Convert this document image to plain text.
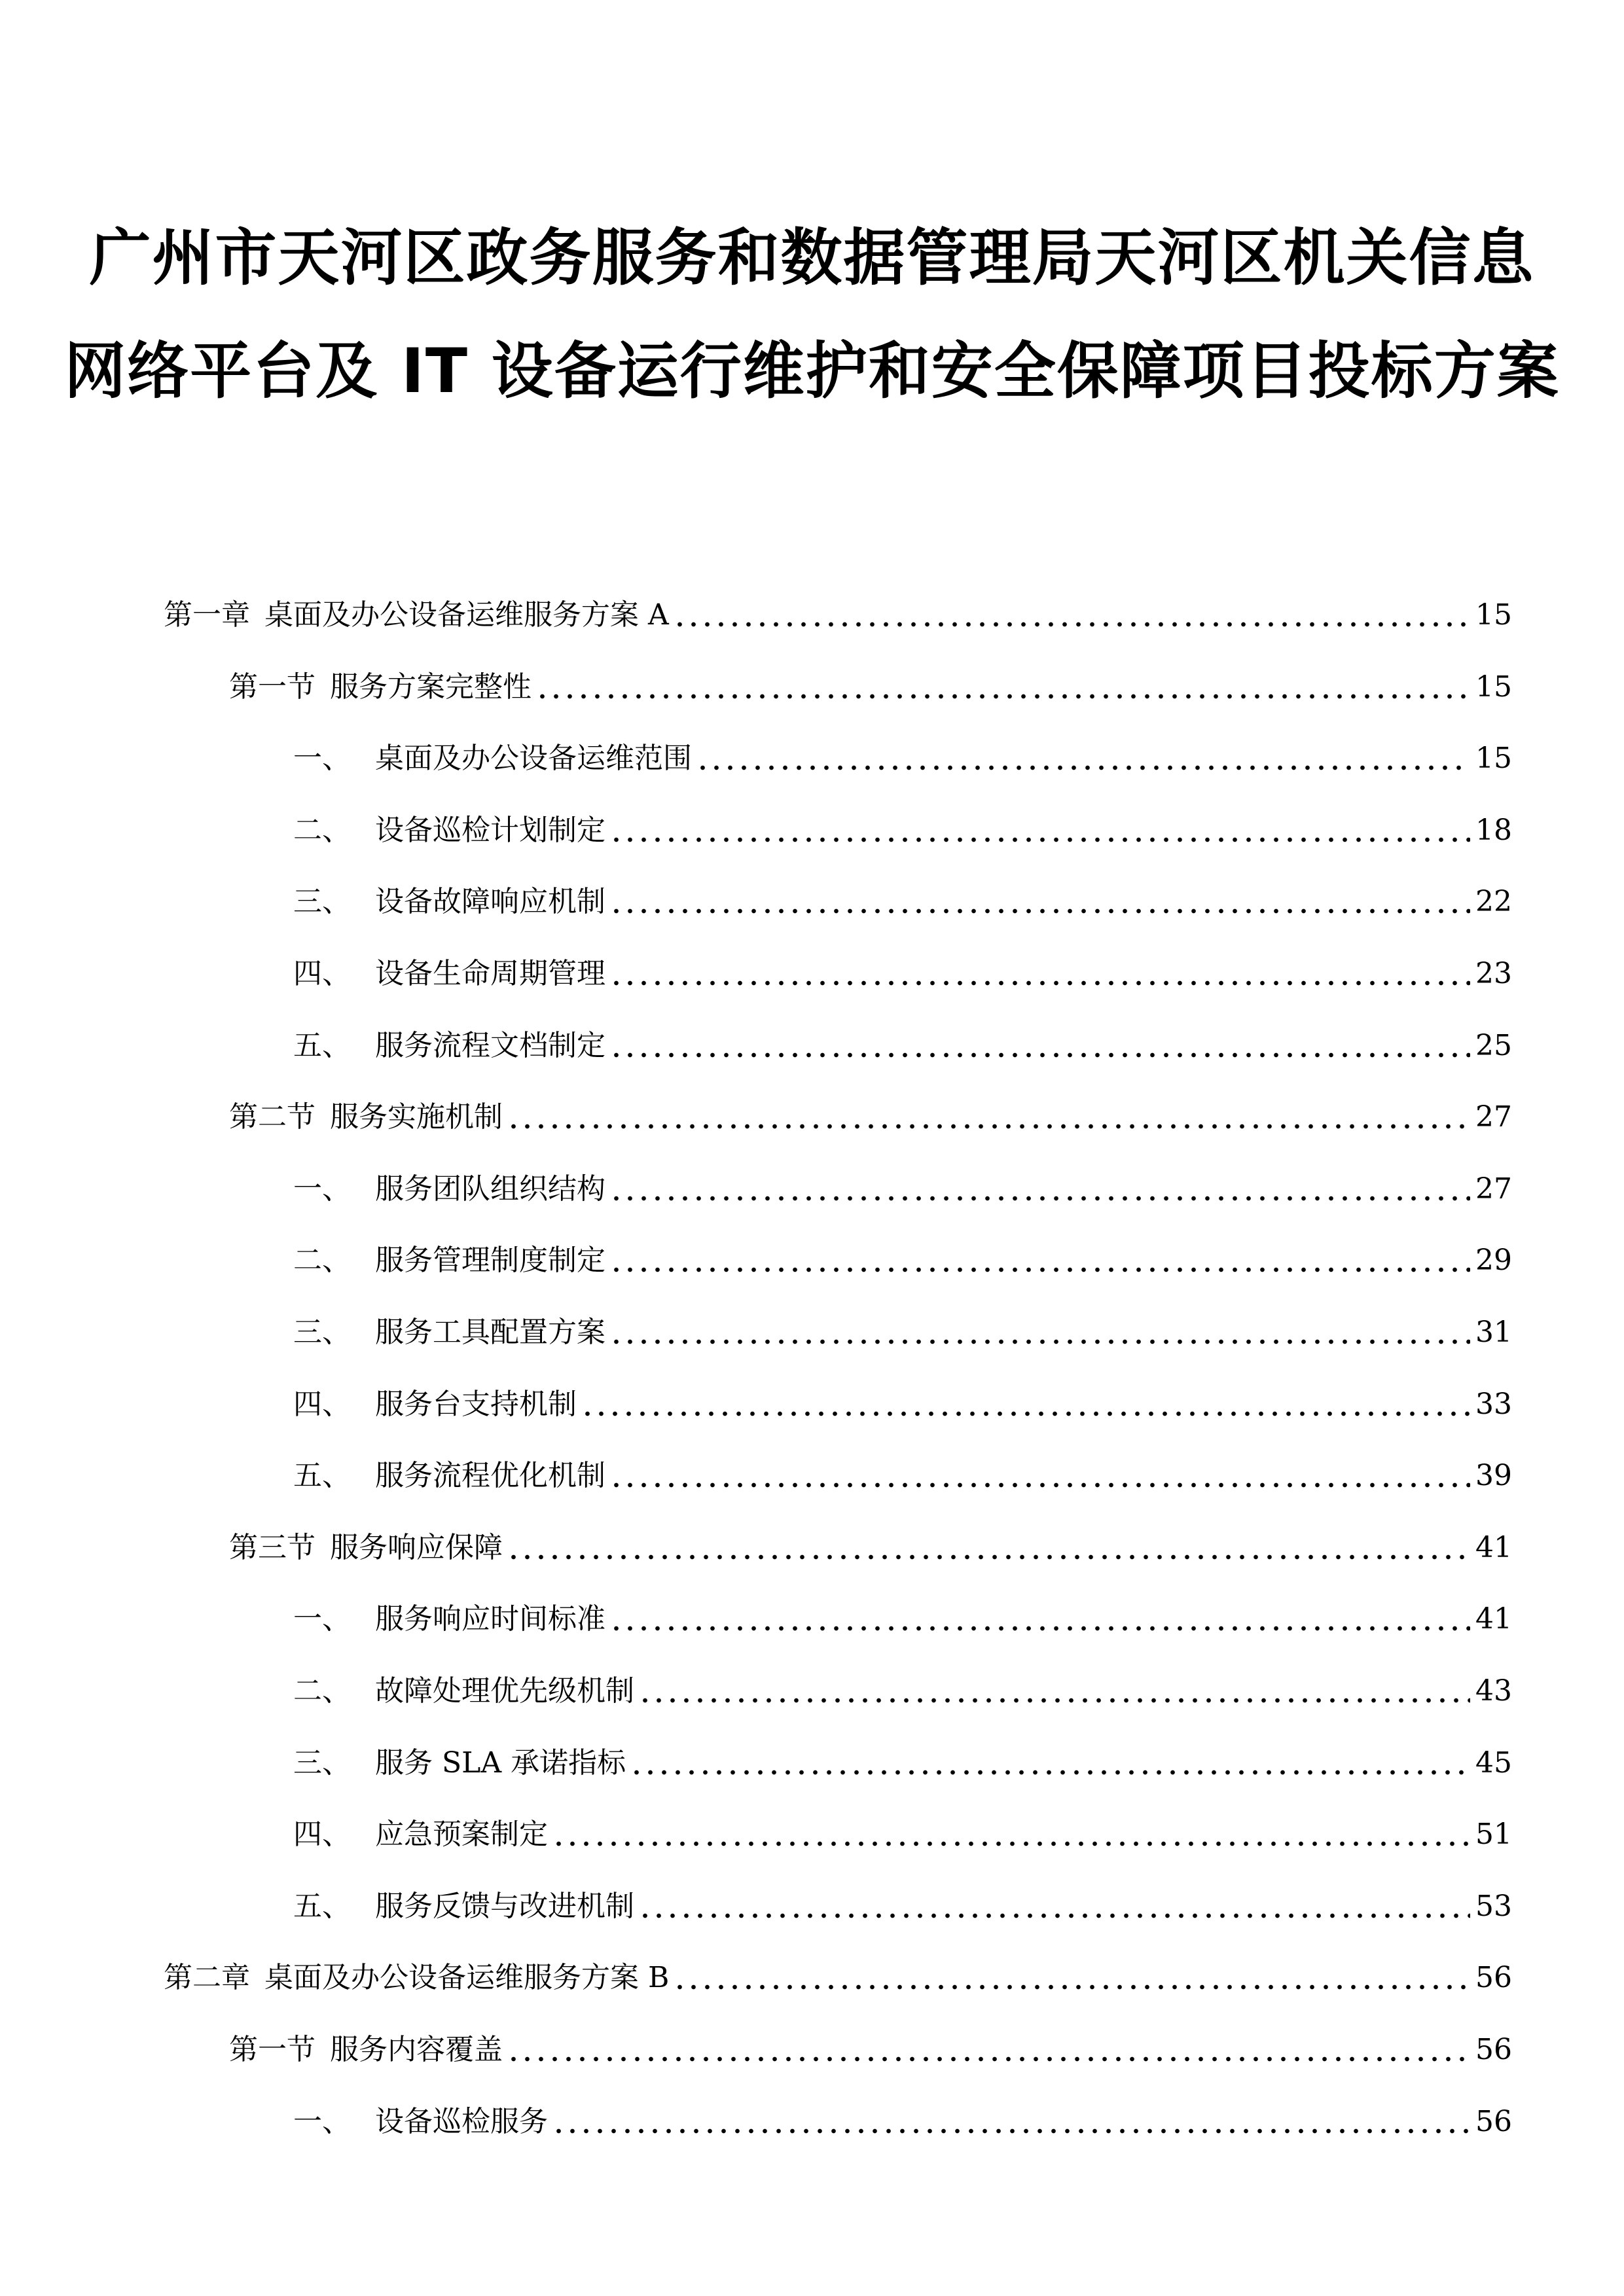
广州市天河区政务服务和数据管理局天河区机关信息
网络平台及 IT 设备运行维护和安全保障项目投标方案
第一章 桌面及办公设备运维服务方案 A	15
第一节 服务方案完整性	15
一、 桌面及办公设备运维范围	15
二、 设备巡检计划制定	18
三、 设备故障响应机制	22
四、 设备生命周期管理	23
五、 服务流程文档制定	25
第二节 服务实施机制	27
一、 服务团队组织结构	27
二、 服务管理制度制定	29
三、 服务工具配置方案	31
四、 服务台支持机制	33
五、 服务流程优化机制	39
第三节 服务响应保障	41
一、 服务响应时间标准	41
二、 故障处理优先级机制	43
三、 服务 SLA 承诺指标	45
四、 应急预案制定	51
五、 服务反馈与改进机制	53
第二章 桌面及办公设备运维服务方案 B	56
第一节 服务内容覆盖	56
一、 设备巡检服务	56
